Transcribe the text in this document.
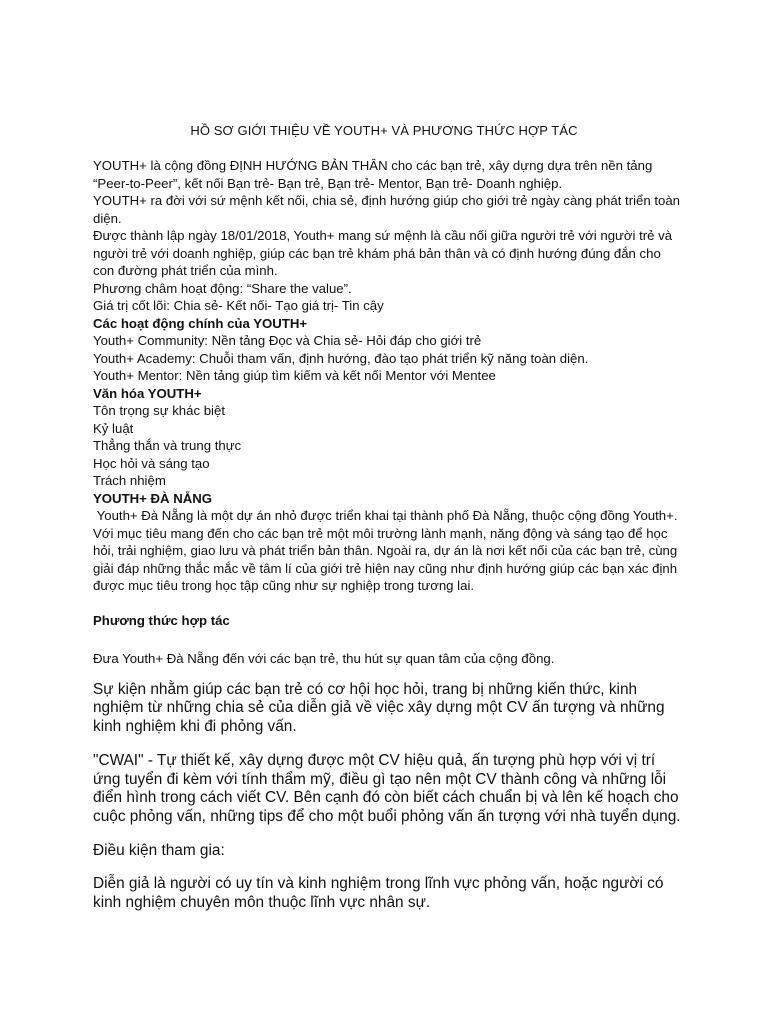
HỒ SƠ GIỚI THIỆU VỀ YOUTH+ VÀ PHƯƠNG THỨC HỢP TÁC

YOUTH+ là cộng đồng ĐỊNH HƯỚNG BẢN THÂN cho các bạn trẻ, xây dựng dựa trên nền tảng “Peer-to-Peer”, kết nối Bạn trẻ- Bạn trẻ, Bạn trẻ- Mentor, Bạn trẻ- Doanh nghiệp.

YOUTH+ ra đời với sứ mệnh kết nối, chia sẻ, định hướng giúp cho giới trẻ ngày càng phát triển toàn diện.

Được thành lập ngày 18/01/2018, Youth+ mang sứ mệnh là cầu nối giữa người trẻ với người trẻ và người trẻ với doanh nghiệp, giúp các bạn trẻ khám phá bản thân và có định hướng đúng đắn cho con đường phát triển của mình.

Phương châm hoạt động: “Share the value”.

Giá trị cốt lõi: Chia sẻ- Kết nối- Tạo giá trị- Tin cậy

Các hoạt động chính của YOUTH+

Youth+ Community: Nền tảng Đọc và Chia sẻ- Hỏi đáp cho giới trẻ

Youth+ Academy: Chuỗi tham vấn, định hướng, đào tạo phát triển kỹ năng toàn diện.

Youth+ Mentor: Nền tảng giúp tìm kiếm và kết nối Mentor với Mentee

Văn hóa YOUTH+

Tôn trọng sự khác biệt

Kỷ luật

Thẳng thắn và trung thực

Học hỏi và sáng tạo

Trách nhiệm

YOUTH+ ĐÀ NẴNG

Youth+ Đà Nẵng là một dự án nhỏ được triển khai tại thành phố Đà Nẵng, thuộc cộng đồng Youth+. Với mục tiêu mang đến cho các bạn trẻ một môi trường lành mạnh, năng động và sáng tạo để học hỏi, trải nghiệm, giao lưu và phát triển bản thân. Ngoài ra, dự án là nơi kết nối của các bạn trẻ, cùng giải đáp những thắc mắc về tâm lí của giới trẻ hiện nay cũng như định hướng giúp các bạn xác định được mục tiêu trong học tập cũng như sự nghiệp trong tương lai.

Phương thức hợp tác

Đưa Youth+ Đà Nẵng đến với các bạn trẻ, thu hút sự quan tâm của cộng đồng.

Sự kiện nhằm giúp các bạn trẻ có cơ hội học hỏi, trang bị những kiến thức, kinh nghiệm từ những chia sẻ của diễn giả về việc xây dựng một CV ấn tượng và những kinh nghiệm khi đi phỏng vấn.

"CWAI" - Tự thiết kế, xây dựng được một CV hiệu quả, ấn tượng phù hợp với vị trí ứng tuyển đi kèm với tính thẩm mỹ, điều gì tạo nên một CV thành công và những lỗi điển hình trong cách viết CV. Bên cạnh đó còn biết cách chuẩn bị và lên kế hoạch cho cuộc phỏng vấn, những tips để cho một buổi phỏng vấn ấn tượng với nhà tuyển dụng.

Điều kiện tham gia:

Diễn giả là người có uy tín và kinh nghiệm trong lĩnh vực phỏng vấn, hoặc người có kinh nghiệm chuyên môn thuộc lĩnh vực nhân sự.
